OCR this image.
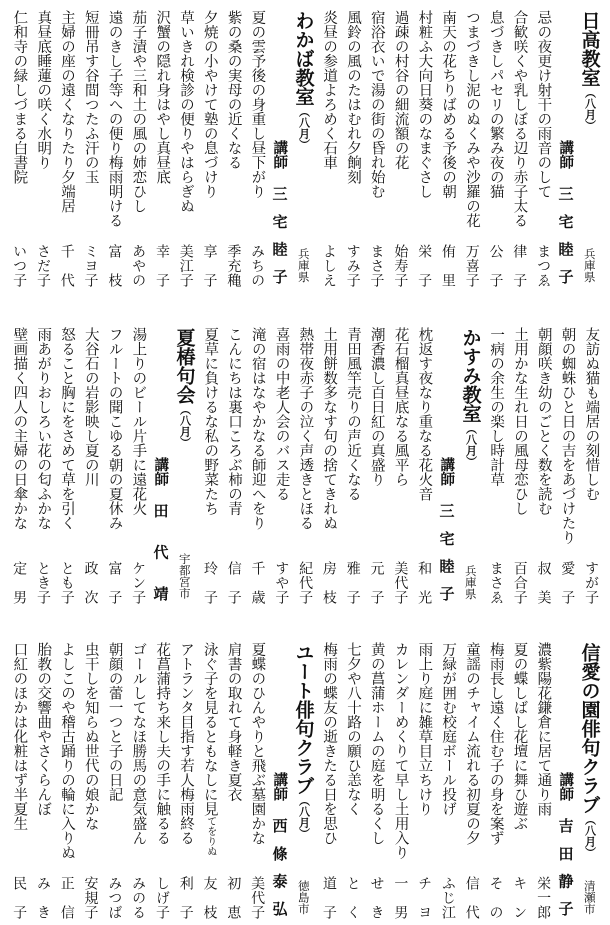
日高教室（八月）
兵庫県
講師
三宅睦子
忌の夜更け射干の雨音のして
まつゑ
合歓咲くや乳しぼる辺り赤子太る
律子
息づきしパセリの繁み夜の猫
公子
つまづきし泥のぬくみや沙羅の花
万喜子
南天の花ちりばめる予後の朝
侑里
村粧ふ大向日葵のなまぐさし
栄子
過疎の村谷の細流額の花
始寿子
宿浴衣いで湯の街の昏れ始む
まさ子
風鈴の風のたはむれ夕餉刻
すみ子
炎昼の参道よろめく石車
よしえ
わかば教室（八月）
兵庫県
講師
三宅睦子
夏の雲予後の身重し昼下がり
みちの
紫の桑の実母の近くなる
季充穐
夕焼の小やけて塾の息づけり
享子
草いきれ検診の便りやはらぎぬ
美江子
沢蟹の隠れ身はやし真昼底
幸子
茄子漬や三和土の風の姉恋ひし
あやの
遠のきし子等への便り梅雨明ける
富枝
短冊吊す谷間つたふ汗の玉
ミヨ子
主婦の座の遠くなりたり夕端居
千代
真昼底睡蓮の咲く水明り
さだ子
仁和寺の緑しづまる白書院
いつ子
友訪ぬ猫も端居の刻惜しむ
すが子
朝の蜘蛛ひと日の吉をあづけたり
愛子
朝顔咲き幼のごとく数を読む
叔美
土用かな生れ日の風母恋ひし
百合子
一病の余生の楽し時計草
まさゑ
かすみ教室（八月）
兵庫県
講師
三宅睦子
枕返す夜なり重なる花火音
和光
花石榴真昼底なる風平ら
美代子
潮香濃し百日紅の真盛り
元子
青田風竿売りの声近くなる
雅子
土用餅数多なす句の捨てきれぬ
房枝
熱帯夜赤子の泣く声透きとほる
紀代子
喜雨の中老人会のバス走る
すや子
滝の宿はなやかなる師迎へをり
千歳
こんにちは裏口ころぶ柿の青
信子
夏草に負けるな私の野菜たち
玲子
夏椿句会（八月）
宇都宮市
講師
田代靖
湯上りのビール片手に遠花火
ケン子
フルートの聞こゆる朝の夏休み
富子
大谷石の岩影映し夏の川
政次
怒ること胸にをさめて草を引く
とも子
雨あがりおしろい花の匂ふかな
とき子
壁画描く四人の主婦の日傘かな
定男
信愛の園俳句クラブ（八月）
清瀬市
講師
吉田静子
濃紫陽花鎌倉に居て通り雨
栄一郎
夏の蝶しばし花壇に舞ひ遊ぶ
キン
梅雨長し遠く住む子の身を案ず
その
童謡のチャイム流れる初夏の夕
信代
万緑が囲む校庭ボール投げ
ふじ江
雨上り庭に雑草目立ちけり
チヨ
カレンダーめくりて早し土用入り
一男
黄の菖蒲ホームの庭を明るくし
せき
七夕や八十路の願ひ恙なく
とく
梅雨の蝶友の逝きたる日を思ひ
道子
ユート俳句クラブ（八月）
徳島市
講師
西條泰弘
夏蝶のひんやりと飛ぶ墓園かな
美代子
肩書の取れて身軽き夏衣
初恵
泳ぐ子を見るともなしに見てをりぬ
友枝
アトランタ目指す若人梅雨終る
利子
花菖蒲持ち来し夫の手に触るる
しげ子
ゴールしてなほ勝馬の意気盛ん
みのる
朝顔の蕾一つと子の日記
みつば
虫干しを知らぬ世代の娘かな
安規子
よしこのや稽古踊りの輪に入りぬ
正信
胎教の交響曲やさくらんぼ
みき
口紅のほかは化粧はず半夏生
民子
